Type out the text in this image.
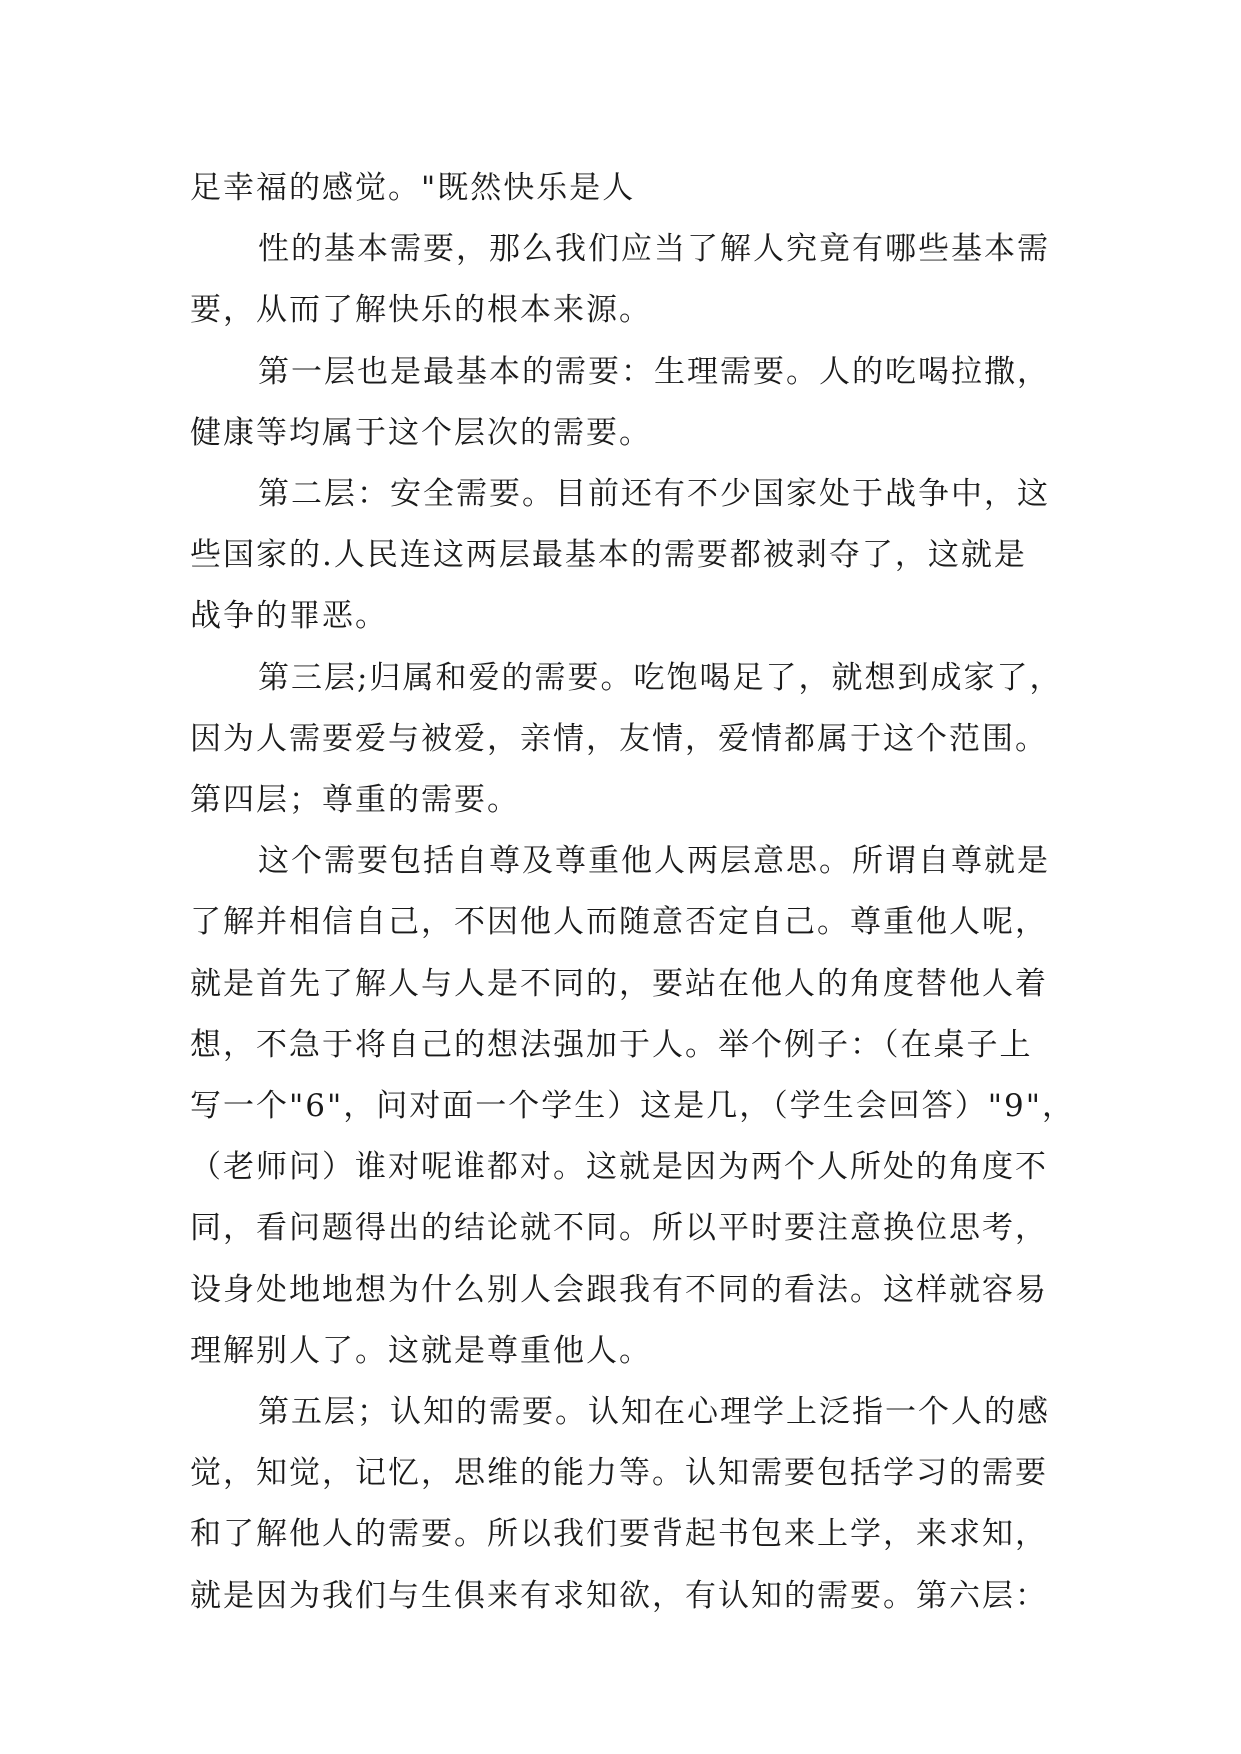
足幸福的感觉。"既然快乐是人

性的基本需要，那么我们应当了解人究竟有哪些基本需

要，从而了解快乐的根本来源。

第一层也是最基本的需要：生理需要。人的吃喝拉撒，

健康等均属于这个层次的需要。

第二层：安全需要。目前还有不少国家处于战争中，这

些国家的.人民连这两层最基本的需要都被剥夺了，这就是

战争的罪恶。

第三层;归属和爱的需要。吃饱喝足了，就想到成家了，

因为人需要爱与被爱，亲情，友情，爱情都属于这个范围。

第四层；尊重的需要。

这个需要包括自尊及尊重他人两层意思。所谓自尊就是

了解并相信自己，不因他人而随意否定自己。尊重他人呢，

就是首先了解人与人是不同的，要站在他人的角度替他人着

想，不急于将自己的想法强加于人。举个例子：（在桌子上

写一个"6"，问对面一个学生）这是几，（学生会回答）"9"，

（老师问）谁对呢谁都对。这就是因为两个人所处的角度不

同，看问题得出的结论就不同。所以平时要注意换位思考，

设身处地地想为什么别人会跟我有不同的看法。这样就容易

理解别人了。这就是尊重他人。

第五层；认知的需要。认知在心理学上泛指一个人的感

觉，知觉，记忆，思维的能力等。认知需要包括学习的需要

和了解他人的需要。所以我们要背起书包来上学，来求知，

就是因为我们与生俱来有求知欲，有认知的需要。第六层：
